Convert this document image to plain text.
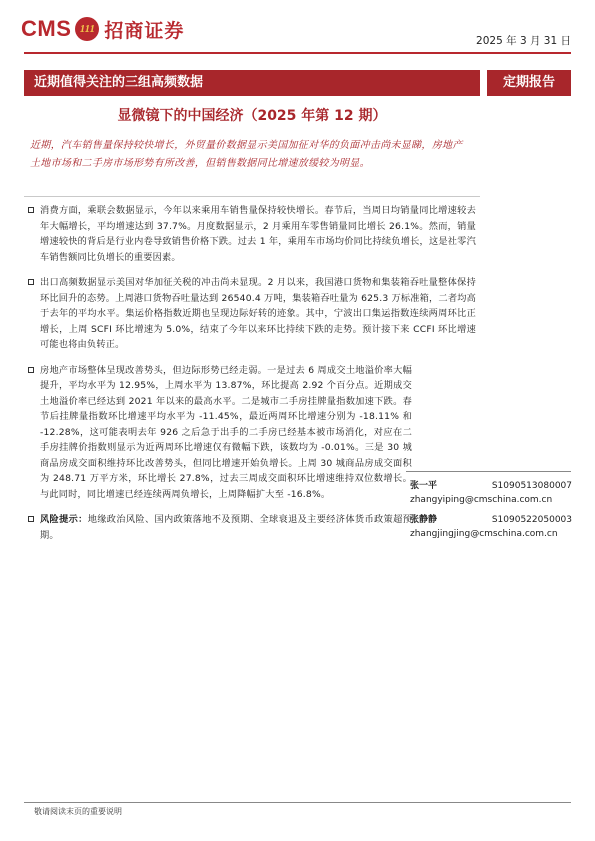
CMS 111 招商证券	2025 年 3 月 31 日
近期值得关注的三组高频数据	定期报告
显微镜下的中国经济（2025 年第 12 期）
近期，汽车销售量保持较快增长，外贸量价数据显示美国加征对华的负面冲击尚未显睇，房地产土地市场和二手房市场形势有所改善，但销售数据同比增速放缓较为明显。
消费方面，乘联会数据显示，今年以来乘用车销售量保持较快增长。春节后，当周日均销量同比增速较去年大幅增长，平均增速达到 37.7%。月度数据显示，2 月乘用车零售销量同比增长 26.1%。然而，销量增速较快的背后是行业内卷导致销售价格下跌。过去 1 年，乘用车市场均价同比持续负增长，这是社零汽车销售额同比负增长的重要因素。
出口高频数据显示美国对华加征关税的冲击尚未显现。2 月以来，我国港口货物和集装箱吞吐量整体保持环比回升的态势。上周港口货物吞吐量达到 26540.4 万吨，集装箱吞吐量为 625.3 万标准箱，二者均高于去年的平均水平。集运价格指数近期也呈现边际好转的迹象。其中，宁波出口集运指数连续两周环比正增长，上周 SCFI 环比增速为 5.0%，结束了今年以来环比持续下跌的走势。预计接下来 CCFI 环比增速可能也将由负转正。
房地产市场整体呈现改善势头，但边际形势已经走弱。一是过去 6 周成交土地溢价率大幅提升，平均水平为 12.95%，上周水平为 13.87%，环比提高 2.92 个百分点。近期成交土地溢价率已经达到 2021 年以来的最高水平。二是城市二手房挂牌量指数加速下跌。春节后挂牌量指数环比增速平均水平为 -11.45%，最近两周环比增速分别为 -18.11% 和 -12.28%，这可能表明去年 926 之后急于出手的二手房已经基本被市场消化，对应在二手房挂牌价指数则显示为近两周环比增速仅有微幅下跌，该数均为 -0.01%。三是 30 城商品房成交面积维持环比改善势头，但同比增速开始负增长。上周 30 城商品房成交面积为 248.71 万平方米，环比增长 27.8%，过去三周成交面积环比增速维持双位数增长。与此同时，同比增速已经连续两周负增长，上周降幅扩大至 -16.8%。
风险提示：地缘政治风险、国内政策落地不及预期、全球衰退及主要经济体货币政策超预期。
张一平	S1090513080007
zhangyiping@cmschina.com.cn
张静静	S1090522050003
zhangjingjing@cmschina.com.cn
敬请阅读末页的重要说明
